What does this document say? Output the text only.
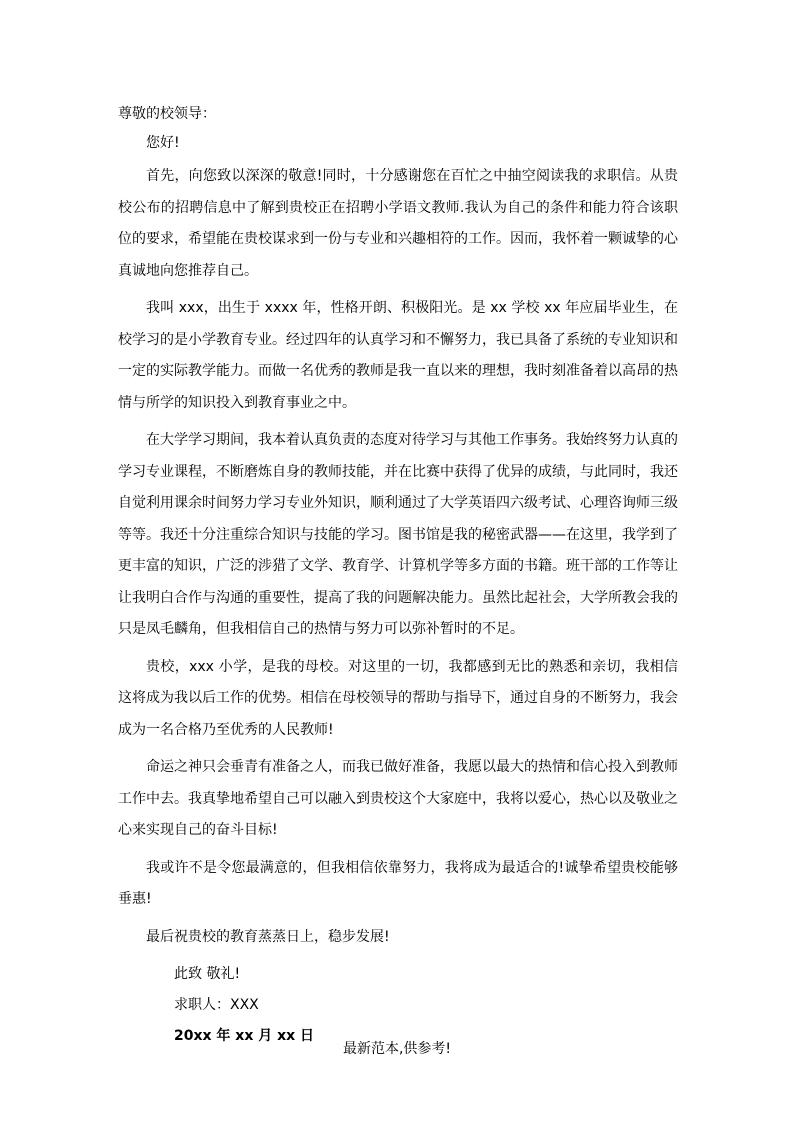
尊敬的校领导：

您好!

首先，向您致以深深的敬意!同时，十分感谢您在百忙之中抽空阅读我的求职信。从贵校公布的招聘信息中了解到贵校正在招聘小学语文教师.我认为自己的条件和能力符合该职位的要求，希望能在贵校谋求到一份与专业和兴趣相符的工作。因而，我怀着一颗诚挚的心真诚地向您推荐自己。

我叫 xxx，出生于 xxxx 年，性格开朗、积极阳光。是 xx 学校 xx 年应届毕业生，在校学习的是小学教育专业。经过四年的认真学习和不懈努力，我已具备了系统的专业知识和一定的实际教学能力。而做一名优秀的教师是我一直以来的理想，我时刻准备着以高昂的热情与所学的知识投入到教育事业之中。

在大学学习期间，我本着认真负责的态度对待学习与其他工作事务。我始终努力认真的学习专业课程，不断磨炼自身的教师技能，并在比赛中获得了优异的成绩，与此同时，我还自觉利用课余时间努力学习专业外知识，顺利通过了大学英语四六级考试、心理咨询师三级等等。我还十分注重综合知识与技能的学习。图书馆是我的秘密武器——在这里，我学到了更丰富的知识，广泛的涉猎了文学、教育学、计算机学等多方面的书籍。班干部的工作等让让我明白合作与沟通的重要性，提高了我的问题解决能力。虽然比起社会，大学所教会我的只是凤毛麟角，但我相信自己的热情与努力可以弥补暂时的不足。

贵校，xxx 小学，是我的母校。对这里的一切，我都感到无比的熟悉和亲切，我相信这将成为我以后工作的优势。相信在母校领导的帮助与指导下，通过自身的不断努力，我会成为一名合格乃至优秀的人民教师!

命运之神只会垂青有准备之人，而我已做好准备，我愿以最大的热情和信心投入到教师工作中去。我真挚地希望自己可以融入到贵校这个大家庭中，我将以爱心，热心以及敬业之心来实现自己的奋斗目标!

我或许不是令您最满意的，但我相信依靠努力，我将成为最适合的!诚挚希望贵校能够垂惠!

最后祝贵校的教育蒸蒸日上，稳步发展!

此致 敬礼!
求职人：XXX
20xx 年 xx 月 xx 日
最新范本,供参考!
